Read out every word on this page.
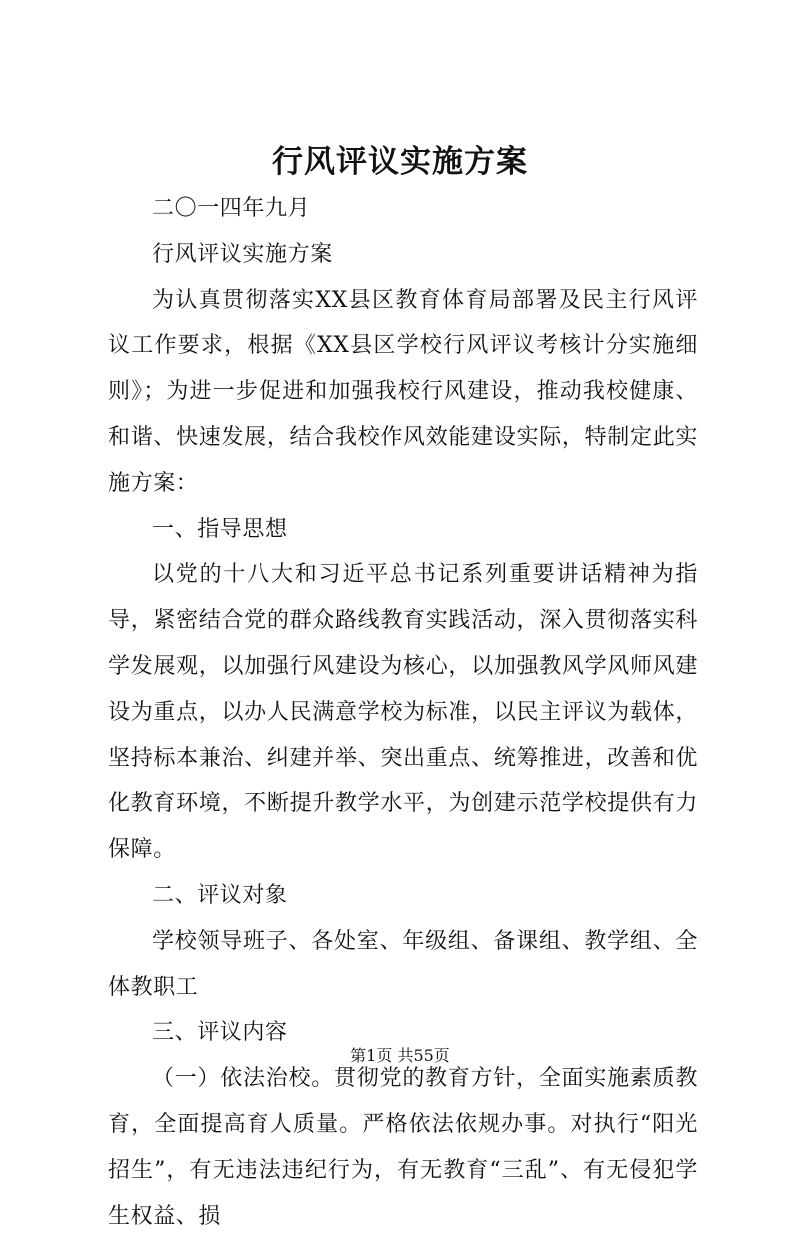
行风评议实施方案

二〇一四年九月

行风评议实施方案

为认真贯彻落实XX县区教育体育局部署及民主行风评议工作要求，根据《XX县区学校行风评议考核计分实施细则》；为进一步促进和加强我校行风建设，推动我校健康、和谐、快速发展，结合我校作风效能建设实际，特制定此实施方案：

一、指导思想

以党的十八大和习近平总书记系列重要讲话精神为指导，紧密结合党的群众路线教育实践活动，深入贯彻落实科学发展观，以加强行风建设为核心，以加强教风学风师风建设为重点，以办人民满意学校为标准，以民主评议为载体，坚持标本兼治、纠建并举、突出重点、统筹推进，改善和优化教育环境，不断提升教学水平，为创建示范学校提供有力保障。

二、评议对象

学校领导班子、各处室、年级组、备课组、教学组、全体教职工

三、评议内容

（一）依法治校。贯彻党的教育方针，全面实施素质教育，全面提高育人质量。严格依法依规办事。对执行“阳光招生”，有无违法违纪行为，有无教育“三乱”、有无侵犯学生权益、损

第1页 共55页
